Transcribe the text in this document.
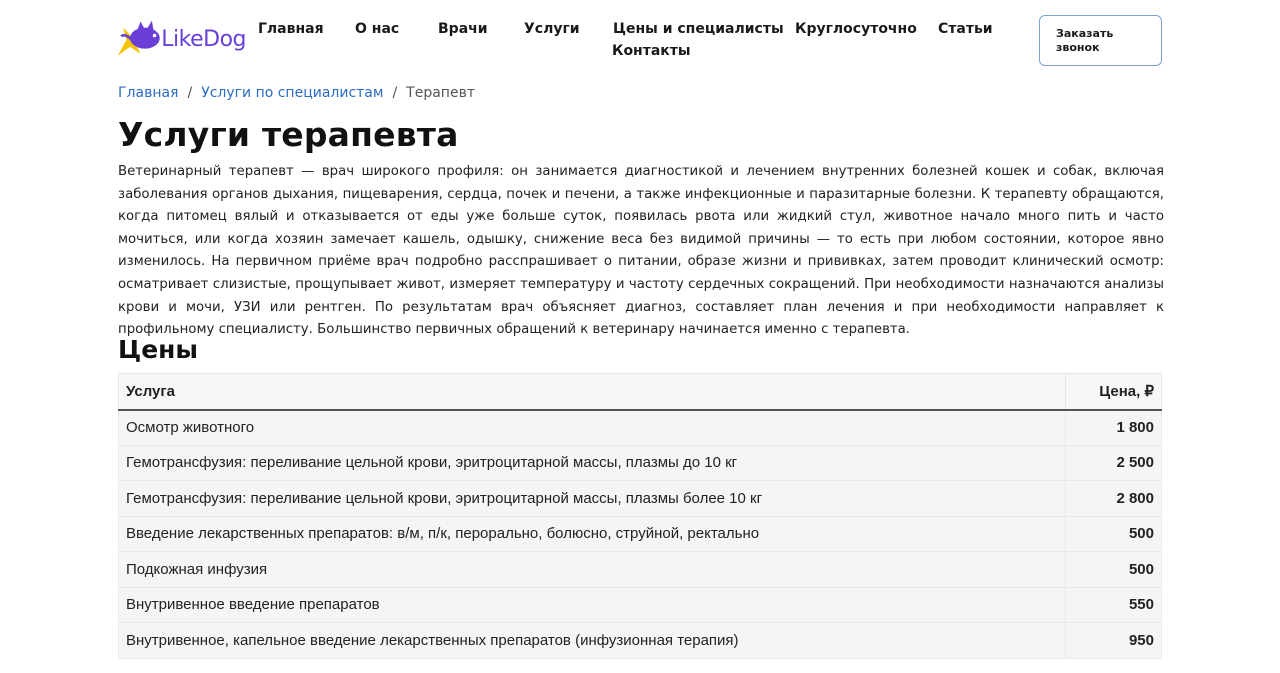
LikeDog Главная О нас	Врачи	Услуги Цены и специалисты Круглосуточно Статьи
Контакты
Заказать звонок
Главная / Услуги по специалистам / Терапевт
Услуги терапевта

Ветеринарный терапевт — врач широкого профиля: он занимается диагностикой и лечением внутренних болезней кошек и собак, включая заболевания органов дыхания, пищеварения, сердца, почек и печени, а также инфекционные и паразитарные болезни. К терапевту обращаются, когда питомец вялый и отказывается от еды уже больше суток, появилась рвота или жидкий стул, животное начало много пить и часто мочиться, или когда хозяин замечает кашель, одышку, снижение веса без видимой причины — то есть при любом состоянии, которое явно изменилось. На первичном приёме врач подробно расспрашивает о питании, образе жизни и прививках, затем проводит клинический осмотр: осматривает слизистые, прощупывает живот, измеряет температуру и частоту сердечных сокращений. При необходимости назначаются анализы крови и мочи, УЗИ или рентген. По результатам врач объясняет диагноз, составляет план лечения и при необходимости направляет к профильному специалисту. Большинство первичных обращений к ветеринару начинается именно с терапевта.

Цены
Услуга	Цена, ₽
Осмотр животного	1 800
Гемотрансфузия: переливание цельной крови, эритроцитарной массы, плазмы до 10 кг	2 500
Гемотрансфузия: переливание цельной крови, эритроцитарной массы, плазмы более 10 кг	2 800
Введение лекарственных препаратов: в/м, п/к, перорально, болюсно, струйной, ректально	500
Подкожная инфузия	500
Внутривенное введение препаратов	550
Внутривенное, капельное введение лекарственных препаратов (инфузионная терапия)	950
